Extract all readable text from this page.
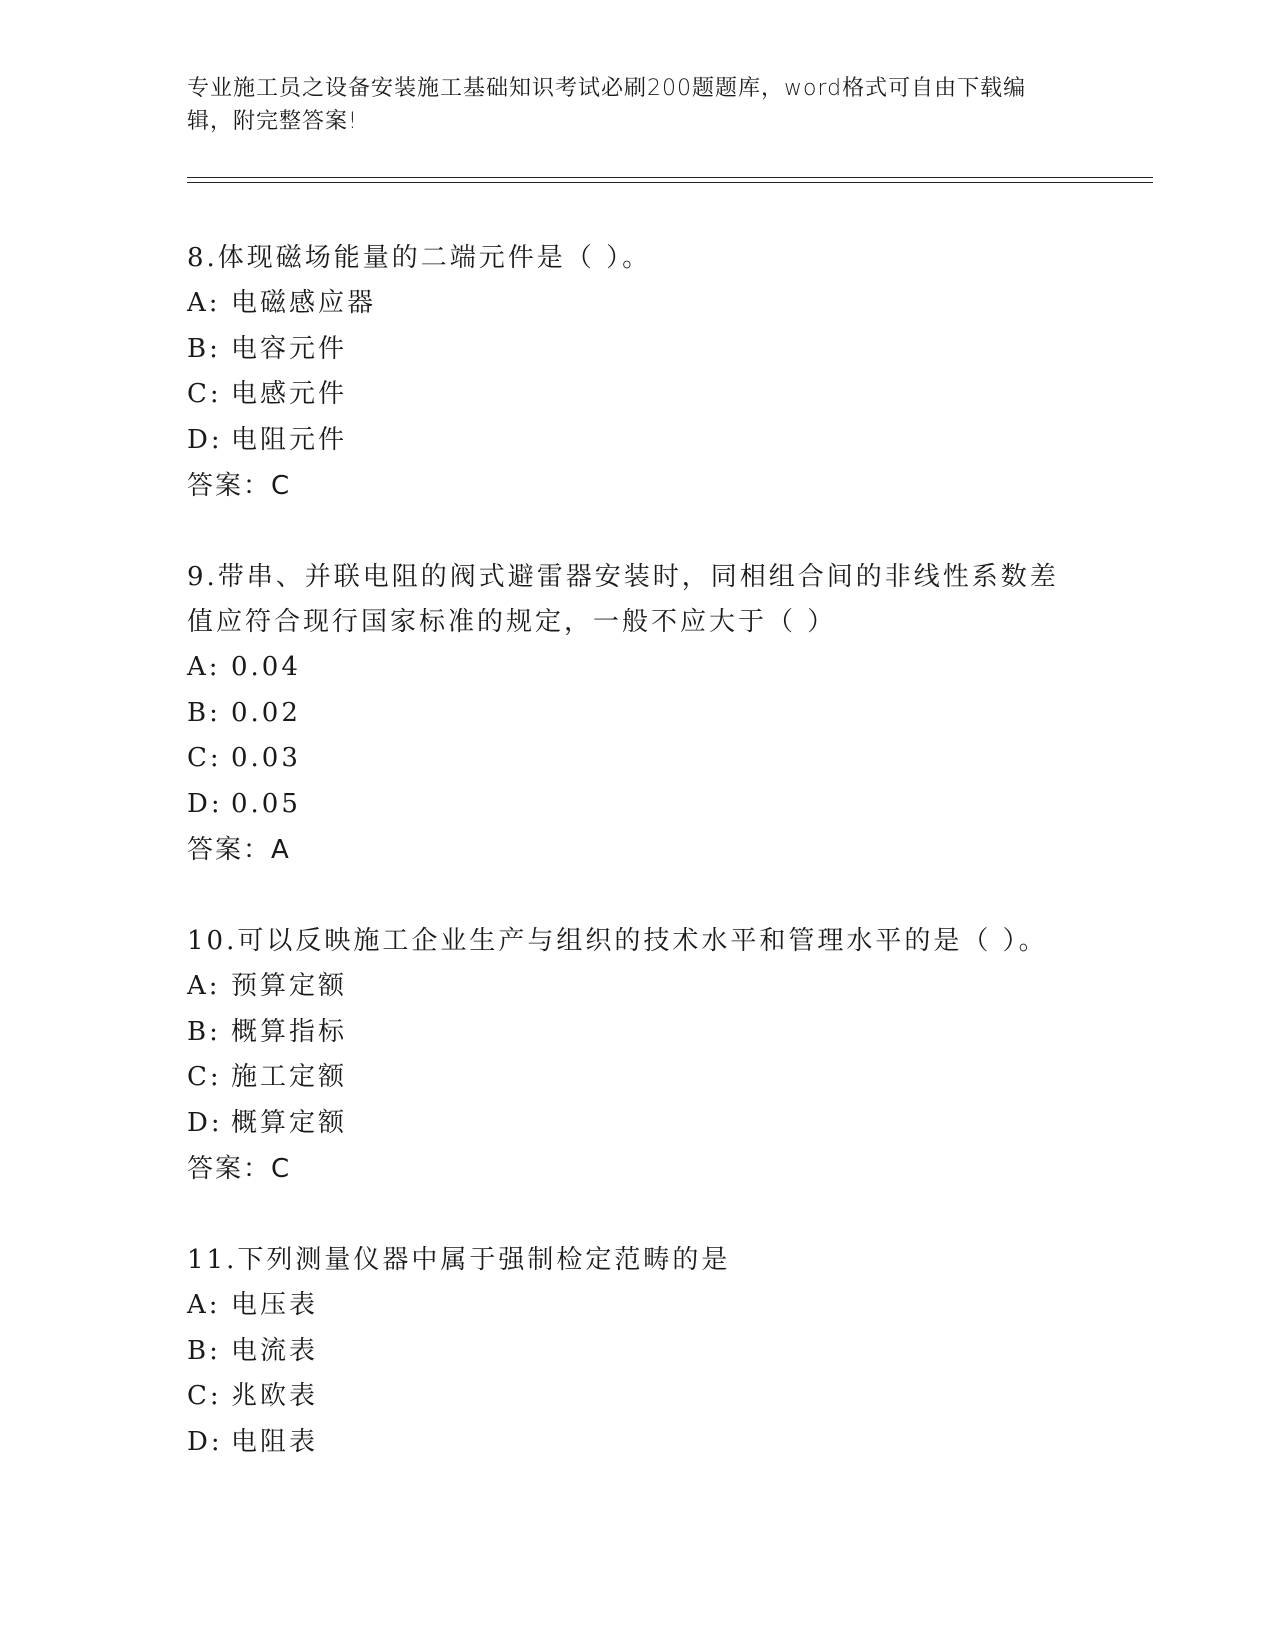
专业施工员之设备安装施工基础知识考试必刷200题题库，word格式可自由下载编辑，附完整答案!

8.体现磁场能量的二端元件是（ ）。

A: 电磁感应器

B: 电容元件

C: 电感元件

D: 电阻元件

答案：C

9.带串、并联电阻的阀式避雷器安装时，同相组合间的非线性系数差值应符合现行国家标准的规定，一般不应大于（ ）

A: 0.04

B: 0.02

C: 0.03

D: 0.05

答案：A

10.可以反映施工企业生产与组织的技术水平和管理水平的是（ ）。

A: 预算定额

B: 概算指标

C: 施工定额

D: 概算定额

答案：C

11.下列测量仪器中属于强制检定范畴的是

A: 电压表

B: 电流表

C: 兆欧表

D: 电阻表
